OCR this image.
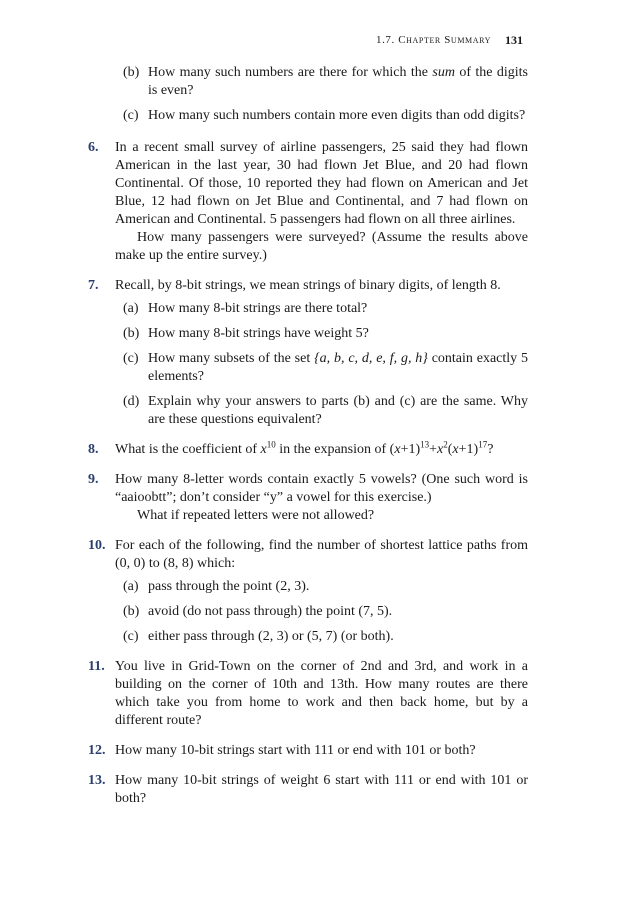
1.7. Chapter Summary 131
(b) How many such numbers are there for which the sum of the digits is even?

(c) How many such numbers contain more even digits than odd digits?

6. In a recent small survey of airline passengers, 25 said they had flown American in the last year, 30 had flown Jet Blue, and 20 had flown Continental. Of those, 10 reported they had flown on American and Jet Blue, 12 had flown on Jet Blue and Continental, and 7 had flown on American and Continental. 5 passengers had flown on all three airlines.

How many passengers were surveyed? (Assume the results above make up the entire survey.)

7. Recall, by 8-bit strings, we mean strings of binary digits, of length 8.

(a) How many 8-bit strings are there total?

(b) How many 8-bit strings have weight 5?

(c) How many subsets of the set {a, b, c, d, e, f, g, h} contain exactly 5 elements?

(d) Explain why your answers to parts (b) and (c) are the same. Why are these questions equivalent?

8. What is the coefficient of $x^{10}$ in the expansion of $(x+1)^{13}+x^2(x+1)^{17}$?

9. How many 8-letter words contain exactly 5 vowels? (One such word is “aaioobtt”; don’t consider “y” a vowel for this exercise.)

What if repeated letters were not allowed?

10. For each of the following, find the number of shortest lattice paths from (0, 0) to (8, 8) which:

(a) pass through the point (2, 3).

(b) avoid (do not pass through) the point (7, 5).

(c) either pass through (2, 3) or (5, 7) (or both).

11. You live in Grid-Town on the corner of 2nd and 3rd, and work in a building on the corner of 10th and 13th. How many routes are there which take you from home to work and then back home, but by a different route?

12. How many 10-bit strings start with 111 or end with 101 or both?

13. How many 10-bit strings of weight 6 start with 111 or end with 101 or both?
